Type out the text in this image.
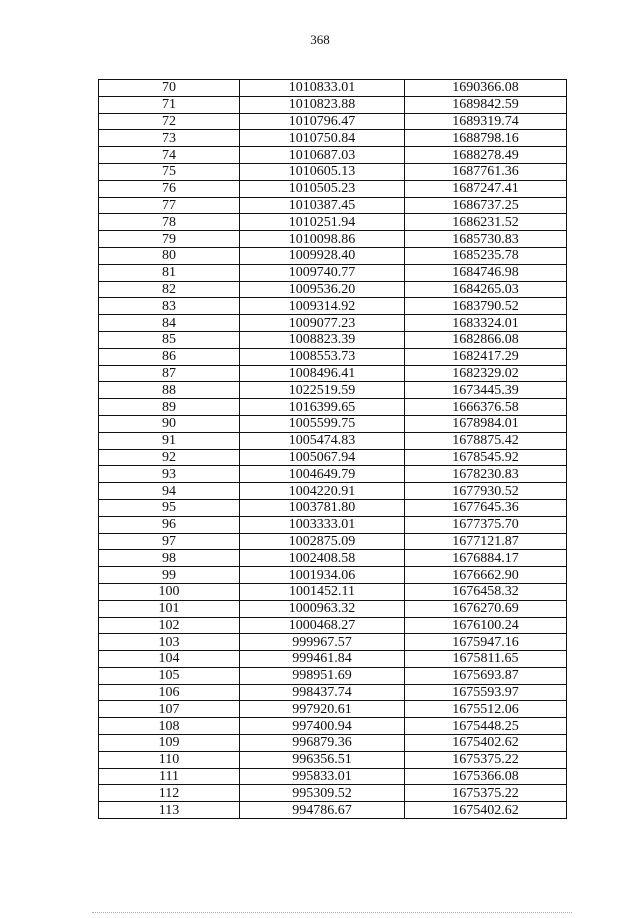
368
70	1010833.01	1690366.08
71	1010823.88	1689842.59
72	1010796.47	1689319.74
73	1010750.84	1688798.16
74	1010687.03	1688278.49
75	1010605.13	1687761.36
76	1010505.23	1687247.41
77	1010387.45	1686737.25
78	1010251.94	1686231.52
79	1010098.86	1685730.83
80	1009928.40	1685235.78
81	1009740.77	1684746.98
82	1009536.20	1684265.03
83	1009314.92	1683790.52
84	1009077.23	1683324.01
85	1008823.39	1682866.08
86	1008553.73	1682417.29
87	1008496.41	1682329.02
88	1022519.59	1673445.39
89	1016399.65	1666376.58
90	1005599.75	1678984.01
91	1005474.83	1678875.42
92	1005067.94	1678545.92
93	1004649.79	1678230.83
94	1004220.91	1677930.52
95	1003781.80	1677645.36
96	1003333.01	1677375.70
97	1002875.09	1677121.87
98	1002408.58	1676884.17
99	1001934.06	1676662.90
100	1001452.11	1676458.32
101	1000963.32	1676270.69
102	1000468.27	1676100.24
103	999967.57	1675947.16
104	999461.84	1675811.65
105	998951.69	1675693.87
106	998437.74	1675593.97
107	997920.61	1675512.06
108	997400.94	1675448.25
109	996879.36	1675402.62
110	996356.51	1675375.22
111	995833.01	1675366.08
112	995309.52	1675375.22
113	994786.67	1675402.62
